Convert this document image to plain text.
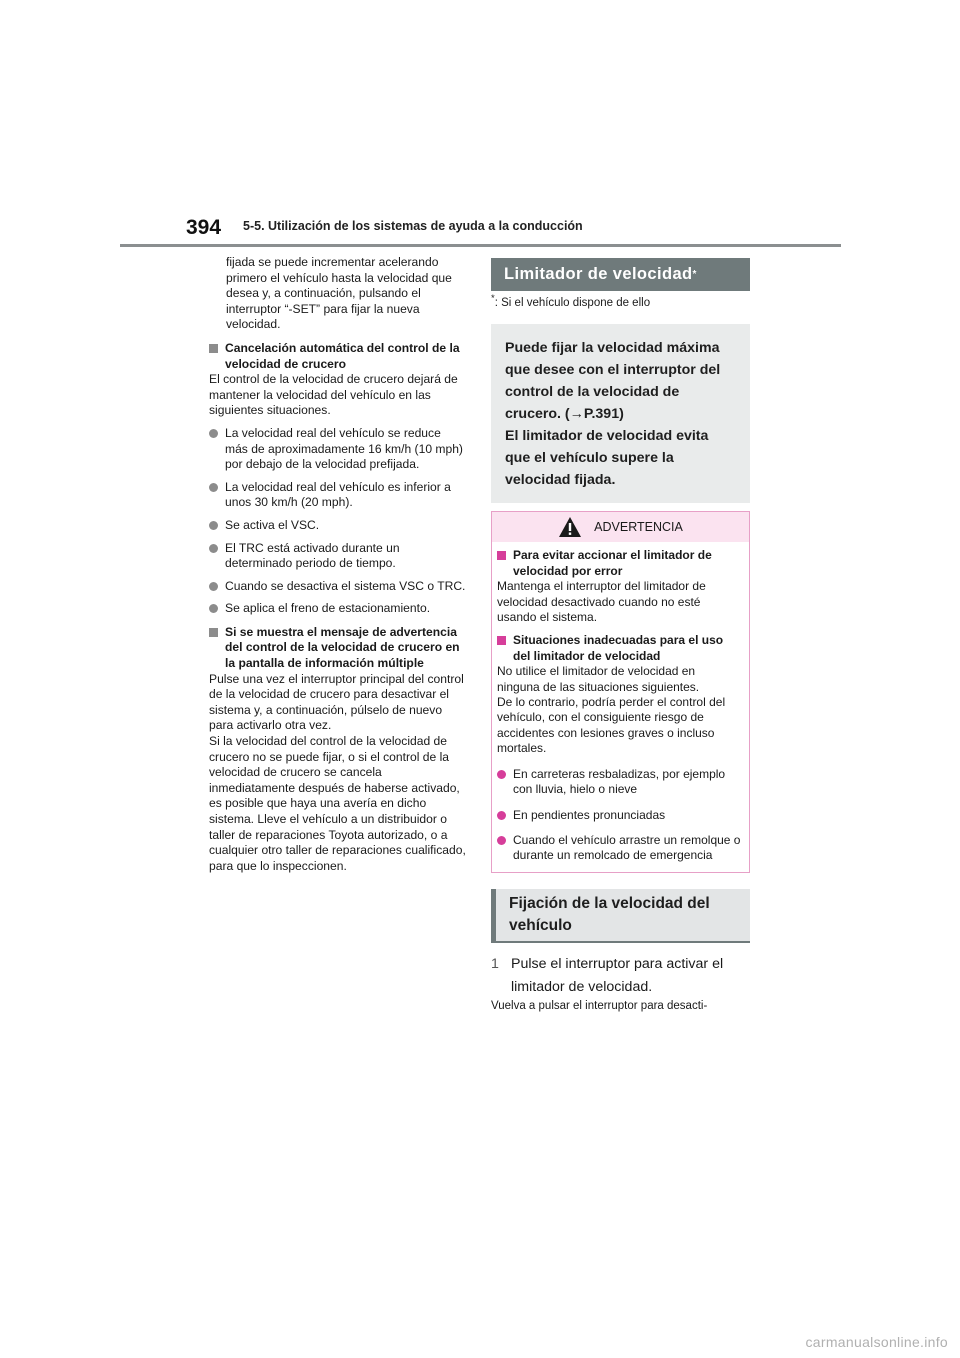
394 5-5. Utilización de los sistemas de ayuda a la conducción

fijada se puede incrementar acelerando primero el vehículo hasta la velocidad que desea y, a continuación, pulsando el interruptor “-SET” para fijar la nueva velocidad.

Cancelación automática del control de la velocidad de crucero

El control de la velocidad de crucero dejará de mantener la velocidad del vehículo en las siguientes situaciones.

La velocidad real del vehículo se reduce más de aproximadamente 16 km/h (10 mph) por debajo de la velocidad prefijada.
La velocidad real del vehículo es inferior a unos 30 km/h (20 mph).
Se activa el VSC.
El TRC está activado durante un determinado periodo de tiempo.
Cuando se desactiva el sistema VSC o TRC.
Se aplica el freno de estacionamiento.
Si se muestra el mensaje de advertencia del control de la velocidad de crucero en la pantalla de información múltiple

Pulse una vez el interruptor principal del control de la velocidad de crucero para desactivar el sistema y, a continuación, púlselo de nuevo para activarlo otra vez.

Si la velocidad del control de la velocidad de crucero no se puede fijar, o si el control de la velocidad de crucero se cancela inmediatamente después de haberse activado, es posible que haya una avería en dicho sistema. Lleve el vehículo a un distribuidor o taller de reparaciones Toyota autorizado, o a cualquier otro taller de reparaciones cualificado, para que lo inspeccionen.

Limitador de velocidad *

*: Si el vehículo dispone de ello

Puede fijar la velocidad máxima que desee con el interruptor del control de la velocidad de crucero. (→P.391)

El limitador de velocidad evita que el vehículo supere la velocidad fijada.

ADVERTENCIA
Para evitar accionar el limitador de velocidad por error

Mantenga el interruptor del limitador de velocidad desactivado cuando no esté usando el sistema.

Situaciones inadecuadas para el uso del limitador de velocidad

No utilice el limitador de velocidad en ninguna de las situaciones siguientes.

De lo contrario, podría perder el control del vehículo, con el consiguiente riesgo de accidentes con lesiones graves o incluso mortales.

En carreteras resbaladizas, por ejemplo con lluvia, hielo o nieve
En pendientes pronunciadas
Cuando el vehículo arrastre un remolque o durante un remolcado de emergencia
Fijación de la velocidad del vehículo
1 Pulse el interruptor para activar el limitador de velocidad.

Vuelva a pulsar el interruptor para desacti-

carmanualsonline.info
